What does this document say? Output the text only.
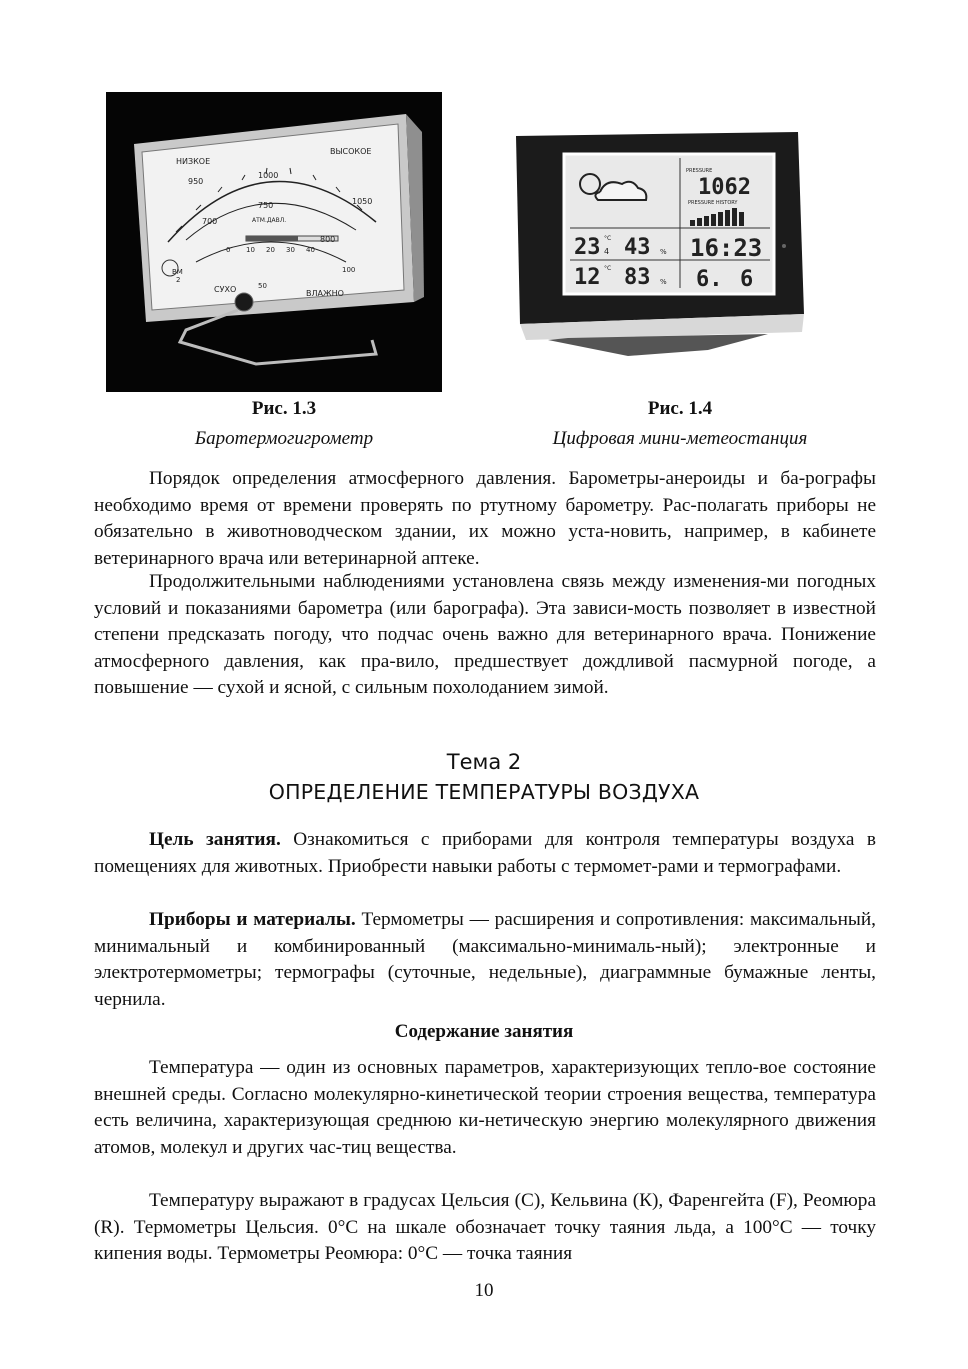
НИЗКОЕ
ВЫСОКОЕ
1000
950
1050
750
700
800
АТМ.ДАВЛ.
0 10 20 30 40
BM
2
СУХО	ВЛАЖНО
50
100
Рис. 1.3
Баротермогигрометр
PRESSURE
1062
PRESSURE HISTORY
23 °C
4 43 %
12 °C 83 %
16:23
6. 6
Рис. 1.4
Цифровая мини-метеостанция

Порядок определения атмосферного давления. Барометры-анероиды и ба-рографы необходимо время от времени проверять по ртутному барометру. Рас-полагать приборы не обязательно в животноводческом здании, их можно уста-новить, например, в кабинете ветеринарного врача или ветеринарной аптеке.

Продолжительными наблюдениями установлена связь между изменения-ми погодных условий и показаниями барометра (или барографа). Эта зависи-мость позволяет в известной степени предсказать погоду, что подчас очень важно для ветеринарного врача. Понижение атмосферного давления, как пра-вило, предшествует дождливой пасмурной погоде, а повышение — сухой и ясной, с сильным похолоданием зимой.

Тема 2
ОПРЕДЕЛЕНИЕ ТЕМПЕРАТУРЫ ВОЗДУХА

Цель занятия. Ознакомиться с приборами для контроля температуры воздуха в помещениях для животных. Приобрести навыки работы с термомет-рами и термографами.

Приборы и материалы. Термометры — расширения и сопротивления: максимальный, минимальный и комбинированный (максимально-минималь-ный); электронные и электротермометры; термографы (суточные, недельные), диаграммные бумажные ленты, чернила.

Содержание занятия

Температура — один из основных параметров, характеризующих тепло-вое состояние внешней среды. Согласно молекулярно-кинетической теории строения вещества, температура есть величина, характеризующая среднюю ки-нетическую энергию молекулярного движения атомов, молекул и других час-тиц вещества.

Температуру выражают в градусах Цельсия (С), Кельвина (К), Фаренгейта (F), Реомюра (R). Термометры Цельсия. 0°С на шкале обозначает точку таяния льда, а 100°С — точку кипения воды. Термометры Реомюра: 0°С — точка таяния

10
